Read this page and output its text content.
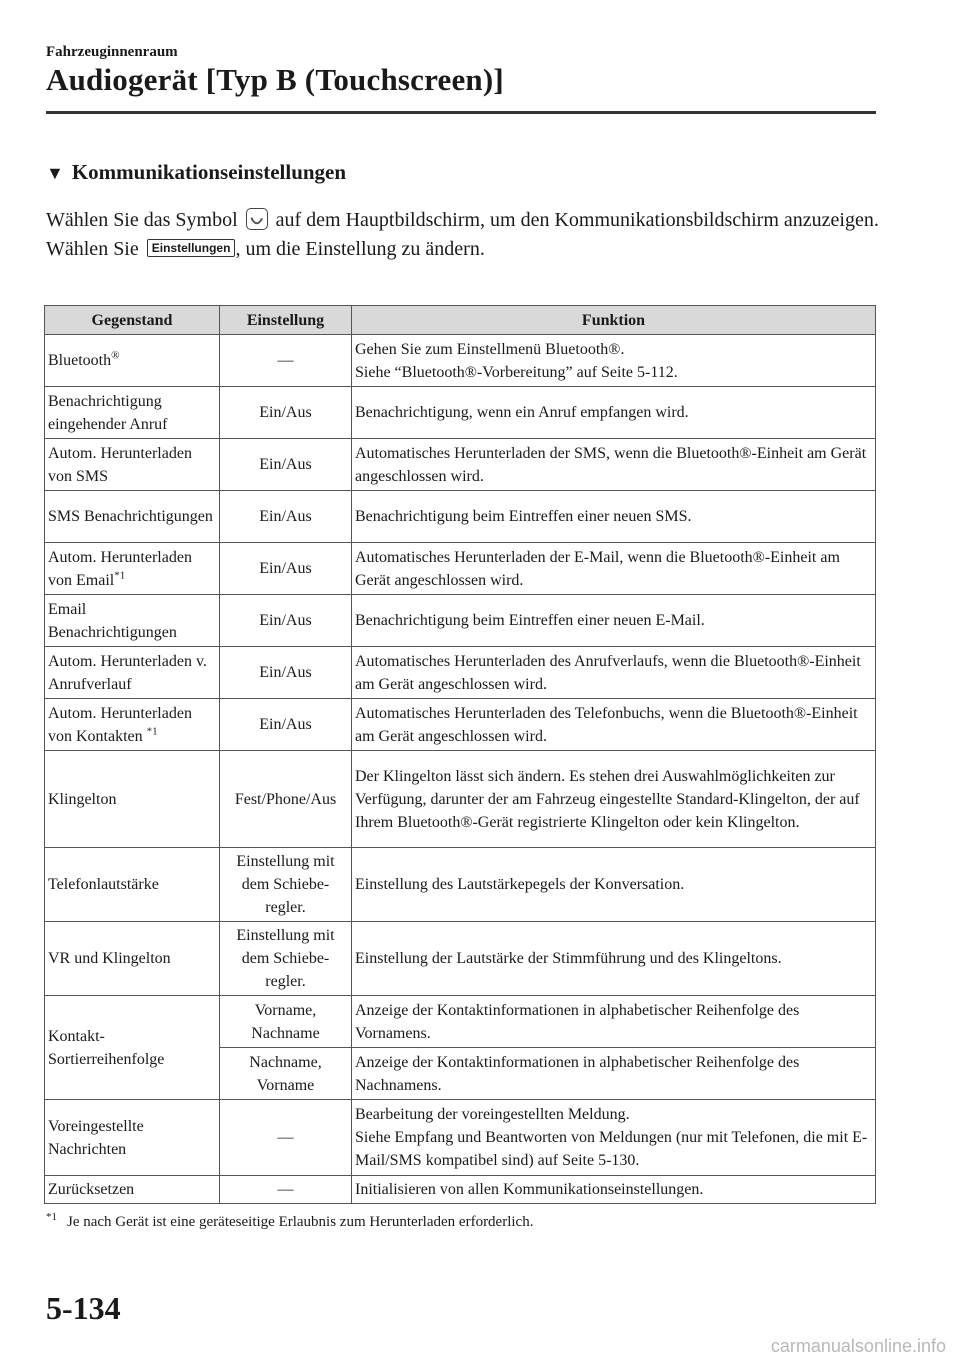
Fahrzeuginnenraum
Audiogerät [Typ B (Touchscreen)]
▼ Kommunikationseinstellungen

Wählen Sie das Symbol  auf dem Hauptbildschirm, um den Kommunikationsbildschirm anzuzeigen.

Wählen Sie Einstellungen , um die Einstellung zu ändern.

Gegenstand	Einstellung	Funktion
Bluetooth®	—	Gehen Sie zum Einstellmenü Bluetooth®.
Siehe “Bluetooth®-Vorbereitung” auf Seite 5-112.

Benachrichtigung eingehender Anruf	Ein/Aus	Benachrichtigung, wenn ein Anruf empfangen wird.

Autom. Herunterladen von SMS	Ein/Aus	Automatisches Herunterladen der SMS, wenn die Bluetooth®-Einheit am Gerät angeschlossen wird.

SMS Benachrichtigungen	Ein/Aus	Benachrichtigung beim Eintreffen einer neuen SMS.

Autom. Herunterladen von Email$^{*1}$	Ein/Aus	Automatisches Herunterladen der E-Mail, wenn die Bluetooth®-Einheit am Gerät angeschlossen wird.

Email Benachrichtigungen	Ein/Aus	Benachrichtigung beim Eintreffen einer neuen E-Mail.

Autom. Herunterladen v. Anrufverlauf	Ein/Aus	Automatisches Herunterladen des Anrufverlaufs, wenn die Bluetooth®-Einheit am Gerät angeschlossen wird.

Autom. Herunterladen von Kontakten $^{*1}$	Ein/Aus	Automatisches Herunterladen des Telefonbuchs, wenn die Bluetooth®-Einheit am Gerät angeschlossen wird.

Klingelton	Fest/Phone/Aus	Der Klingelton lässt sich ändern. Es stehen drei Auswahlmöglichkeiten zur Verfügung, darunter der am Fahrzeug eingestellte Standard-Klingelton, der auf Ihrem Bluetooth®-Gerät registrierte Klingelton oder kein Klingelton.

Telefonlautstärke	Einstellung mit dem Schiebe- regler.	Einstellung des Lautstärkepegels der Konversation.

VR und Klingelton	Einstellung mit dem Schiebe- regler.	Einstellung der Lautstärke der Stimmführung und des Klingeltons.

Kontakt-Sortierreihenfolge	Vorname, Nachname	Anzeige der Kontaktinformationen in alphabetischer Reihenfolge des Vornamens.
	Nachname, Vorname	Anzeige der Kontaktinformationen in alphabetischer Reihenfolge des Nachnamens.
Voreingestellte Nachrichten	—	Bearbeitung der voreingestellten Meldung.
Siehe Empfang und Beantworten von Meldungen (nur mit Telefonen, die mit E-Mail/SMS kompatibel sind) auf Seite 5-130.

Zurücksetzen	—	Initialisieren von allen Kommunikationseinstellungen.
$^{*1}$ Je nach Gerät ist eine geräteseitige Erlaubnis zum Herunterladen erforderlich.
5-134
carmanualsonline.info
